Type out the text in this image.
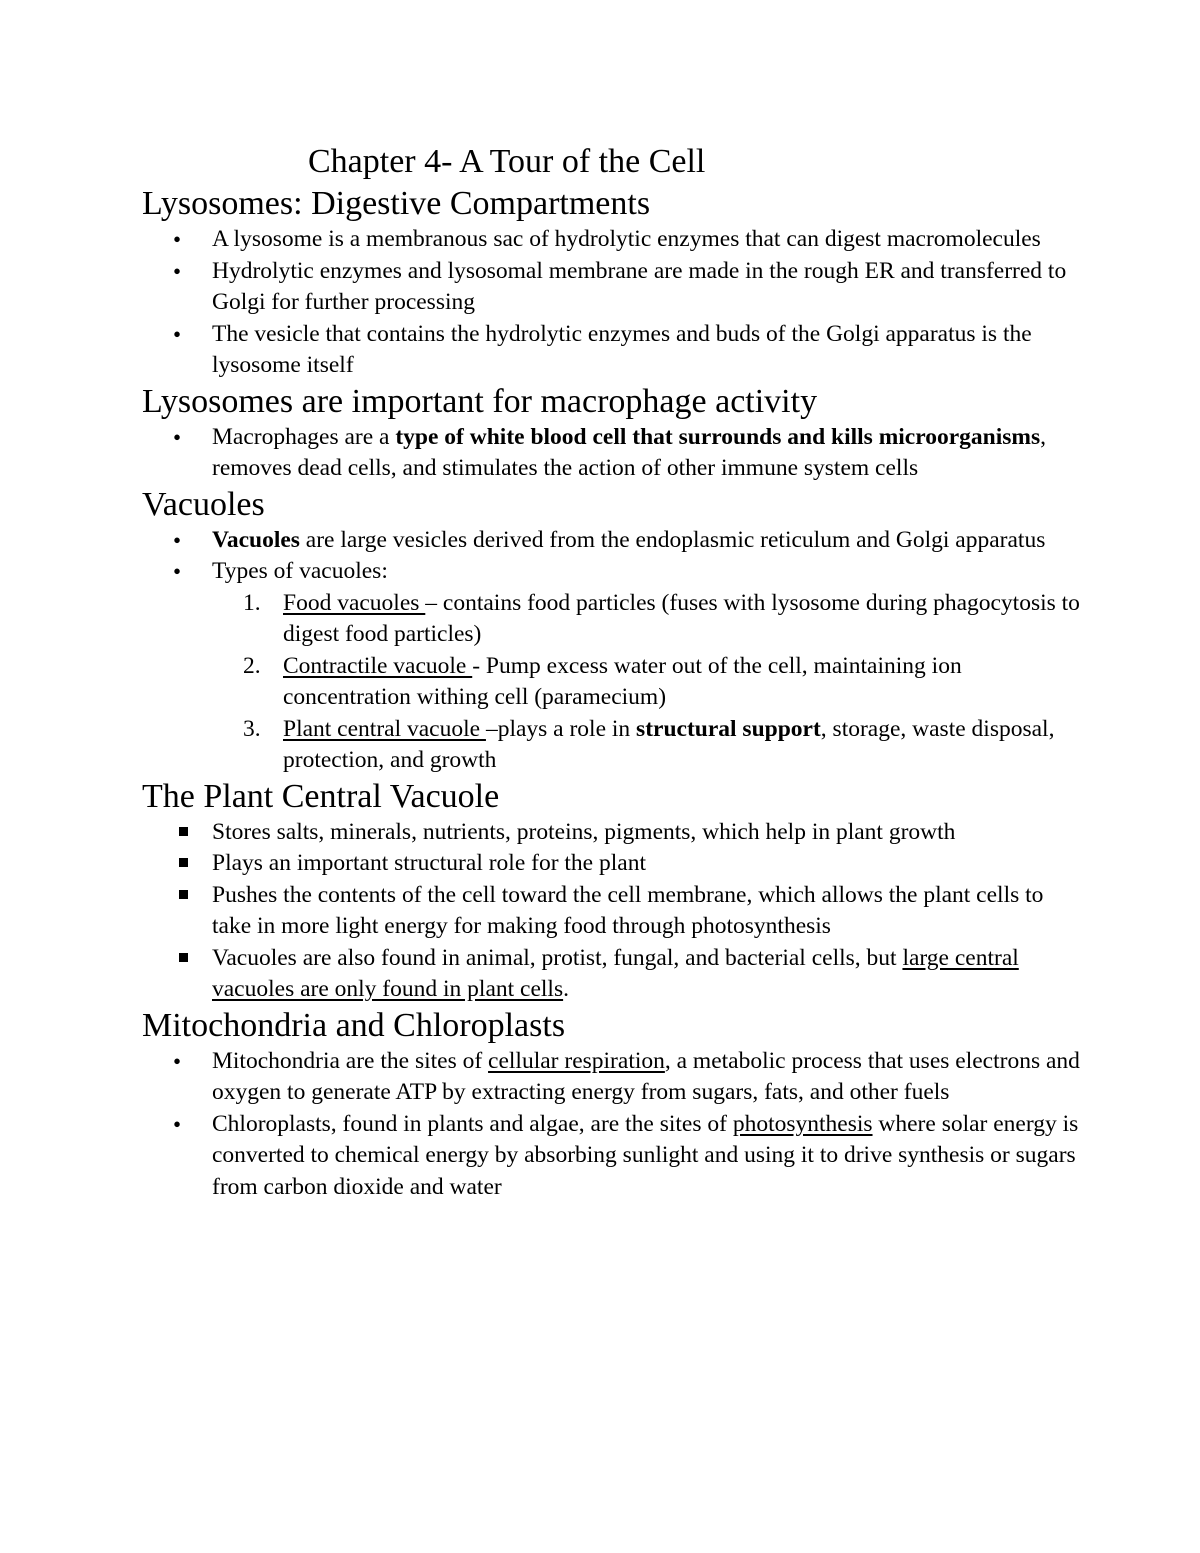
Chapter 4- A Tour of the Cell
Lysosomes: Digestive Compartments
• A lysosome is a membranous sac of hydrolytic enzymes that can digest macromolecules
• Hydrolytic enzymes and lysosomal membrane are made in the rough ER and transferred to Golgi for further processing
• The vesicle that contains the hydrolytic enzymes and buds of the Golgi apparatus is the lysosome itself
Lysosomes are important for macrophage activity
• Macrophages are a type of white blood cell that surrounds and kills microorganisms, removes dead cells, and stimulates the action of other immune system cells
Vacuoles
• Vacuoles are large vesicles derived from the endoplasmic reticulum and Golgi apparatus
• Types of vacuoles:
1. Food vacuoles – contains food particles (fuses with lysosome during phagocytosis to digest food particles)
2. Contractile vacuole - Pump excess water out of the cell, maintaining ion concentration withing cell (paramecium)
3. Plant central vacuole –plays a role in structural support, storage, waste disposal, protection, and growth
The Plant Central Vacuole
Stores salts, minerals, nutrients, proteins, pigments, which help in plant growth
Plays an important structural role for the plant
Pushes the contents of the cell toward the cell membrane, which allows the plant cells to take in more light energy for making food through photosynthesis
Vacuoles are also found in animal, protist, fungal, and bacterial cells, but large central vacuoles are only found in plant cells.
Mitochondria and Chloroplasts
• Mitochondria are the sites of cellular respiration, a metabolic process that uses electrons and oxygen to generate ATP by extracting energy from sugars, fats, and other fuels
• Chloroplasts, found in plants and algae, are the sites of photosynthesis where solar energy is converted to chemical energy by absorbing sunlight and using it to drive synthesis or sugars from carbon dioxide and water
